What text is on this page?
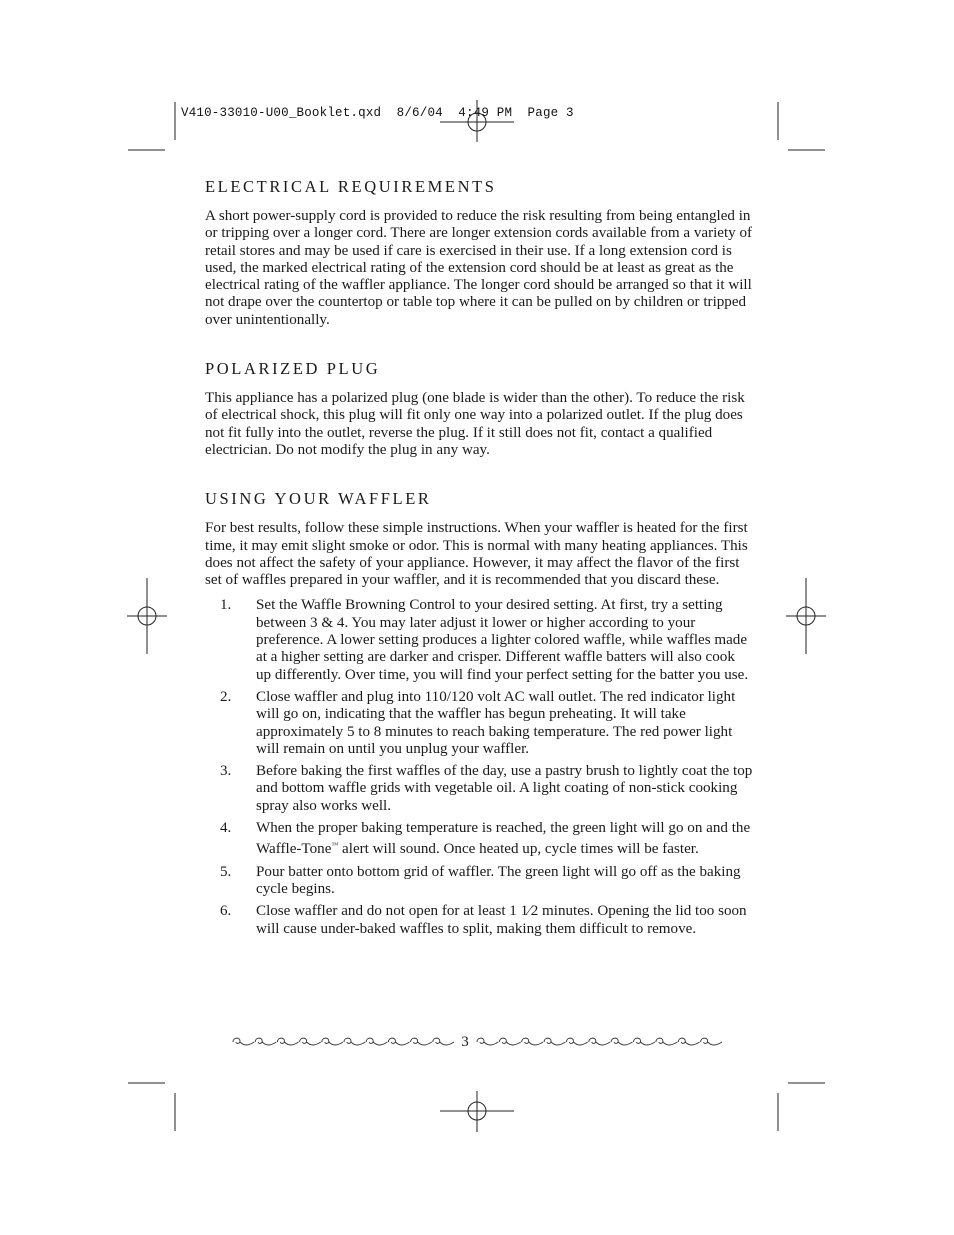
V410-33010-U00_Booklet.qxd  8/6/04  4:49 PM  Page 3
ELECTRICAL REQUIREMENTS

A short power-supply cord is provided to reduce the risk resulting from being entangled in or tripping over a longer cord. There are longer extension cords available from a variety of retail stores and may be used if care is exercised in their use. If a long extension cord is used, the marked electrical rating of the extension cord should be at least as great as the electrical rating of the waffler appliance. The longer cord should be arranged so that it will not drape over the countertop or table top where it can be pulled on by children or tripped over unintentionally.

POLARIZED PLUG

This appliance has a polarized plug (one blade is wider than the other). To reduce the risk of electrical shock, this plug will fit only one way into a polarized outlet. If the plug does not fit fully into the outlet, reverse the plug. If it still does not fit, contact a qualified electrician. Do not modify the plug in any way.

USING YOUR WAFFLER

For best results, follow these simple instructions. When your waffler is heated for the first time, it may emit slight smoke or odor. This is normal with many heating appliances. This does not affect the safety of your appliance. However, it may affect the flavor of the first set of waffles prepared in your waffler, and it is recommended that you discard these.

1.	Set the Waffle Browning Control to your desired setting. At first, try a setting between 3 & 4. You may later adjust it lower or higher according to your preference. A lower setting produces a lighter colored waffle, while waffles made at a higher setting are darker and crisper. Different waffle batters will also cook up differently. Over time, you will find your perfect setting for the batter you use.
2.	Close waffler and plug into 110/120 volt AC wall outlet. The red indicator light will go on, indicating that the waffler has begun preheating. It will take approximately 5 to 8 minutes to reach baking temperature. The red power light will remain on until you unplug your waffler.
3.	Before baking the first waffles of the day, use a pastry brush to lightly coat the top and bottom waffle grids with vegetable oil. A light coating of non-stick cooking spray also works well.
4.	When the proper baking temperature is reached, the green light will go on and the Waffle-Tone™ alert will sound. Once heated up, cycle times will be faster.
5.	Pour batter onto bottom grid of waffler. The green light will go off as the baking cycle begins.
6.	Close waffler and do not open for at least 1 1⁄2 minutes. Opening the lid too soon will cause under-baked waffles to split, making them difficult to remove.
3
